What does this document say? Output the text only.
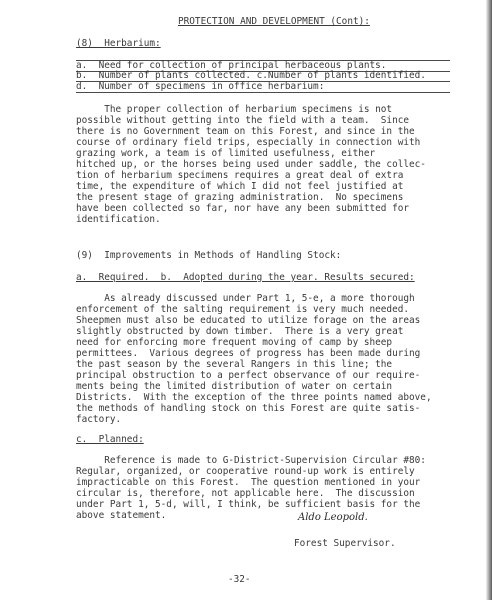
PROTECTION AND DEVELOPMENT (Cont):
(8)  Herbarium:
a.  Need for collection of principal herbaceous plants.
b.  Number of plants collected. c.Number of plants identified.
d.  Number of specimens in office herbarium:
The proper collection of herbarium specimens is not
possible without getting into the field with a team.  Since
there is no Government team on this Forest, and since in the
course of ordinary field trips, especially in connection with
grazing work, a team is of limited usefulness, either
hitched up, or the horses being used under saddle, the collec-
tion of herbarium specimens requires a great deal of extra
time, the expenditure of which I did not feel justified at
the present stage of grazing administration.  No specimens
have been collected so far, nor have any been submitted for
identification.
(9)  Improvements in Methods of Handling Stock:
a.  Required.  b.  Adopted during the year. Results secured:
As already discussed under Part 1, 5-e, a more thorough
enforcement of the salting requirement is very much needed.
Sheepmen must also be educated to utilize forage on the areas
slightly obstructed by down timber.  There is a very great
need for enforcing more frequent moving of camp by sheep
permittees.  Various degrees of progress has been made during
the past season by the several Rangers in this line; the
principal obstruction to a perfect observance of our require-
ments being the limited distribution of water on certain
Districts.  With the exception of the three points named above,
the methods of handling stock on this Forest are quite satis-
factory.
c.  Planned:
Reference is made to G-District-Supervision Circular #80:
Regular, organized, or cooperative round-up work is entirely
impracticable on this Forest.  The question mentioned in your
circular is, therefore, not applicable here.  The discussion
under Part 1, 5-d, will, I think, be sufficient basis for the
above statement.	Aldo Leopold.
Forest Supervisor.
-32-
